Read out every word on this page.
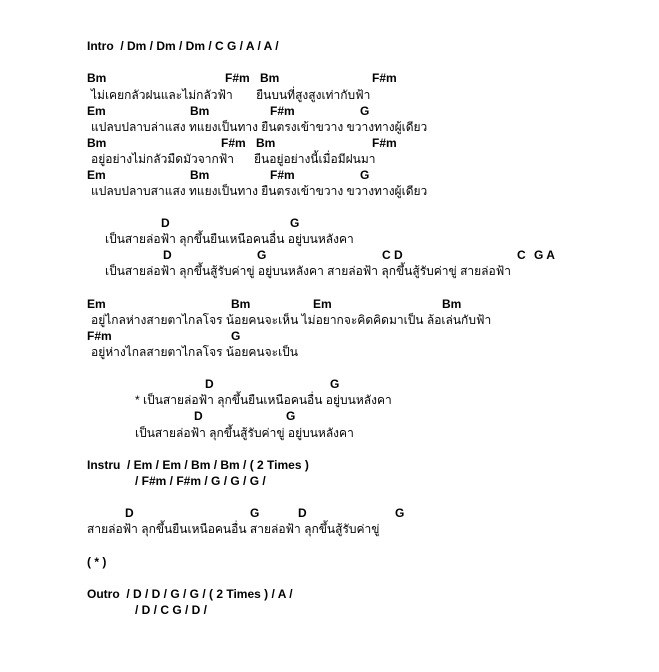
Intro  / Dm / Dm / Dm / C G / A / A /
Bm	F#m Bm	F#m
ไม่เคยกลัวฝนและไม่กลัวฟ้า       ยืนบนที่สูงสูงเท่ากับฟ้า
Em	Bm	F#m	G
แปลบปลาบล่าแสง ทแยงเป็นทาง ยืนตรงเข้าขวาง ขวางทางผู้เดียว
Bm	F#m Bm	F#m
อยู่อย่างไม่กลัวมืดมัวจากฟ้า      ยืนอยู่อย่างนี้เมื่อมีฝนมา
Em	Bm	F#m	G
แปลบปลาบสาแสง ทแยงเป็นทาง ยืนตรงเข้าขวาง ขวางทางผู้เดียว
D	G
เป็นสายล่อฟ้า ลุกขึ้นยืนเหนือคนอื่น อยู่บนหลังคา
D	G	C D	C G A
เป็นสายล่อฟ้า ลุกขึ้นสู้รับค่าขู่ อยู่บนหลังคา สายล่อฟ้า ลุกขึ้นสู้รับค่าขู่ สายล่อฟ้า
Em	Bm	Em	Bm
อยู่ไกลห่างสายตาไกลโจร น้อยคนจะเห็น ไม่อยากจะคิดคิดมาเป็น ล้อเล่นกับฟ้า
F#m	G
อยู่ห่างไกลสายตาไกลโจร น้อยคนจะเป็น
D	G
* เป็นสายล่อฟ้า ลุกขึ้นยืนเหนือคนอื่น อยู่บนหลังคา
D	G
เป็นสายล่อฟ้า ลุกขึ้นสู้รับค่าขู่ อยู่บนหลังคา
Instru  / Em / Em / Bm / Bm / ( 2 Times )
/ F#m / F#m / G / G / G /
D	G	D	G
สายล่อฟ้า ลุกขึ้นยืนเหนือคนอื่น สายล่อฟ้า ลุกขึ้นสู้รับค่าขู่
( * )
Outro  / D / D / G / G / ( 2 Times ) / A /
/ D / C G / D /
